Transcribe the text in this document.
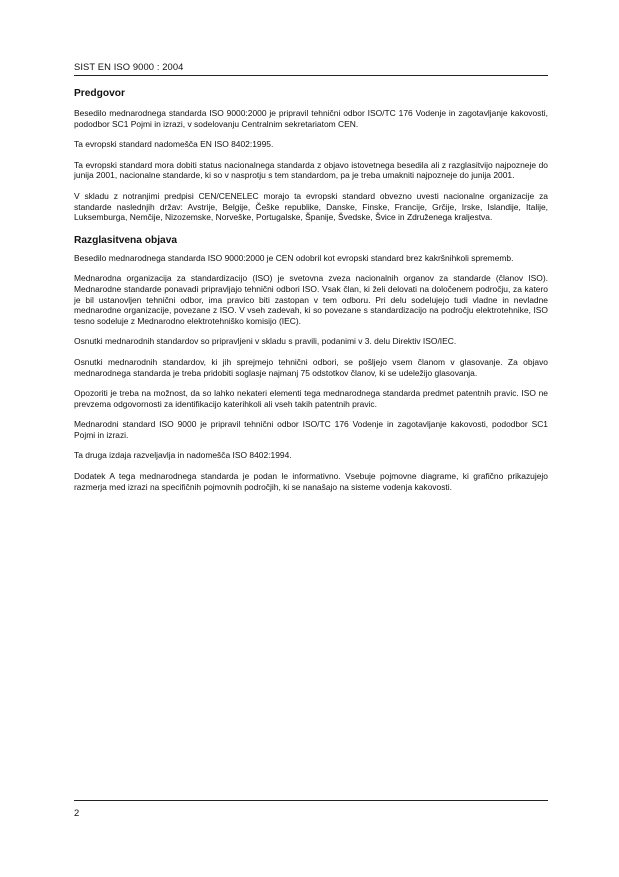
SIST EN ISO 9000 : 2004
Predgovor

Besedilo mednarodnega standarda ISO 9000:2000 je pripravil tehnični odbor ISO/TC 176 Vodenje in zagotavljanje kakovosti, pododbor SC1 Pojmi in izrazi, v sodelovanju Centralnim sekretariatom CEN.

Ta evropski standard nadomešča EN ISO 8402:1995.

Ta evropski standard mora dobiti status nacionalnega standarda z objavo istovetnega besedila ali z razglasitvijo najpozneje do junija 2001, nacionalne standarde, ki so v nasprotju s tem standardom, pa je treba umakniti najpozneje do junija 2001.

V skladu z notranjimi predpisi CEN/CENELEC morajo ta evropski standard obvezno uvesti nacionalne organizacije za standarde naslednjih držav: Avstrije, Belgije, Češke republike, Danske, Finske, Francije, Grčije, Irske, Islandije, Italije, Luksemburga, Nemčije, Nizozemske, Norveške, Portugalske, Španije, Švedske, Švice in Združenega kraljestva.

Razglasitvena objava

Besedilo mednarodnega standarda ISO 9000:2000 je CEN odobril kot evropski standard brez kakršnihkoli sprememb.

Mednarodna organizacija za standardizacijo (ISO) je svetovna zveza nacionalnih organov za standarde (članov ISO). Mednarodne standarde ponavadi pripravljajo tehnični odbori ISO. Vsak član, ki želi delovati na določenem področju, za katero je bil ustanovljen tehnični odbor, ima pravico biti zastopan v tem odboru. Pri delu sodelujejo tudi vladne in nevladne mednarodne organizacije, povezane z ISO. V vseh zadevah, ki so povezane s standardizacijo na področju elektrotehnike, ISO tesno sodeluje z Mednarodno elektrotehniško komisijo (IEC).

Osnutki mednarodnih standardov so pripravljeni v skladu s pravili, podanimi v 3. delu Direktiv ISO/IEC.

Osnutki mednarodnih standardov, ki jih sprejmejo tehnični odbori, se pošljejo vsem članom v glasovanje. Za objavo mednarodnega standarda je treba pridobiti soglasje najmanj 75 odstotkov članov, ki se udeležijo glasovanja.

Opozoriti je treba na možnost, da so lahko nekateri elementi tega mednarodnega standarda predmet patentnih pravic. ISO ne prevzema odgovornosti za identifikacijo katerihkoli ali vseh takih patentnih pravic.

Mednarodni standard ISO 9000 je pripravil tehnični odbor ISO/TC 176 Vodenje in zagotavljanje kakovosti, pododbor SC1 Pojmi in izrazi.

Ta druga izdaja razveljavlja in nadomešča ISO 8402:1994.

Dodatek A tega mednarodnega standarda je podan le informativno. Vsebuje pojmovne diagrame, ki grafično prikazujejo razmerja med izrazi na specifičnih pojmovnih področjih, ki se nanašajo na sisteme vodenja kakovosti.

2
